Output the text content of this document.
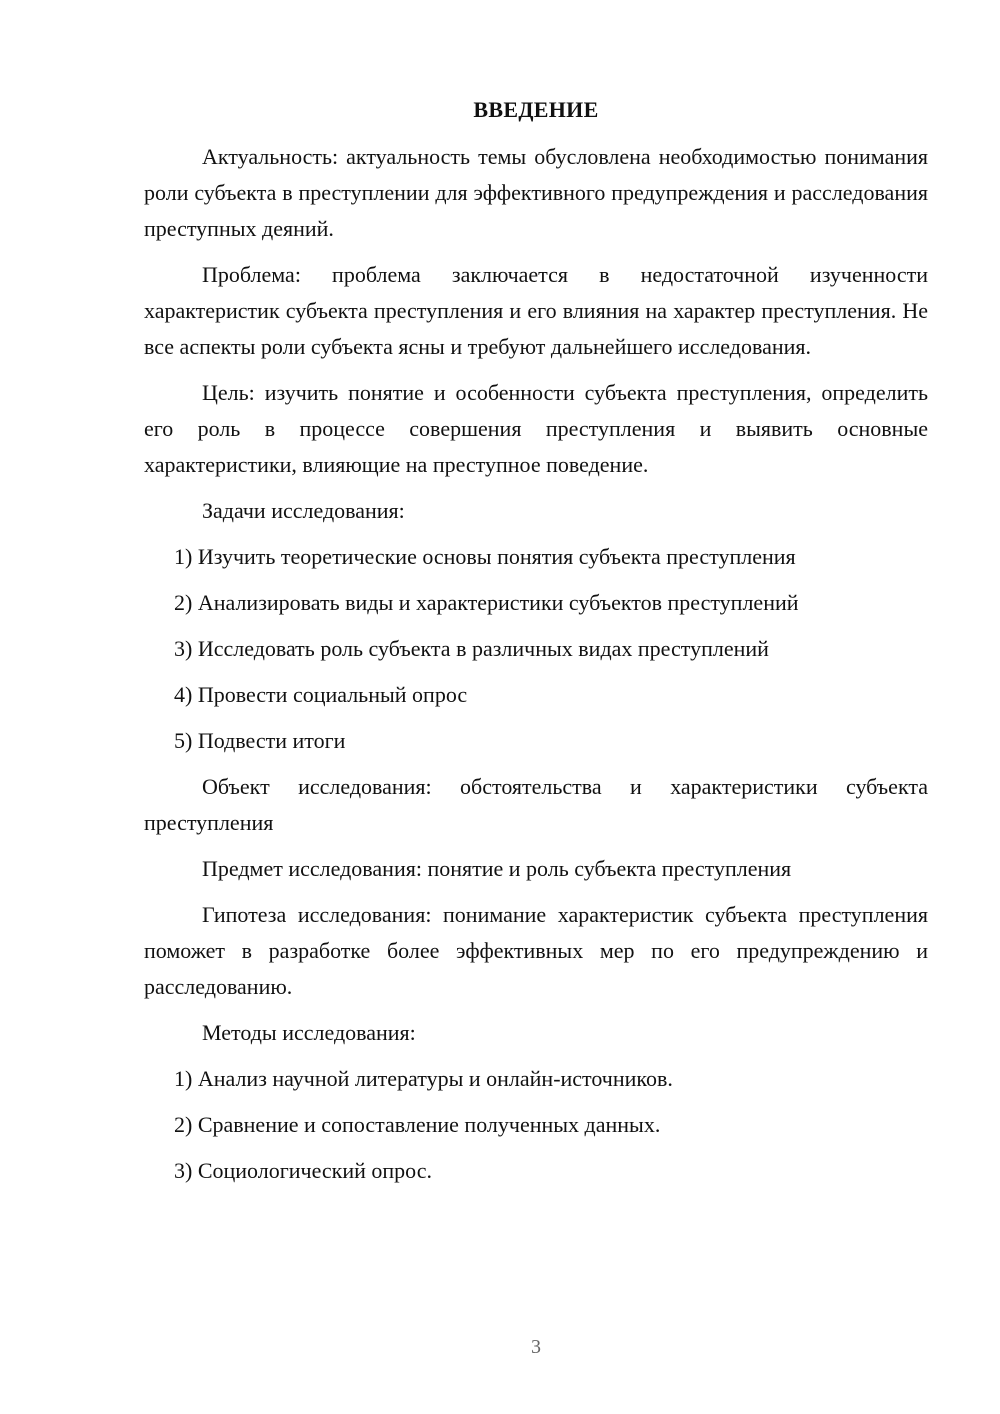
ВВЕДЕНИЕ

Актуальность: актуальность темы обусловлена необходимостью понимания роли субъекта в преступлении для эффективного предупреждения и расследования преступных деяний.

Проблема: проблема заключается в недостаточной изученности характеристик субъекта преступления и его влияния на характер преступления. Не все аспекты роли субъекта ясны и требуют дальнейшего исследования.

Цель: изучить понятие и особенности субъекта преступления, определить его роль в процессе совершения преступления и выявить основные характеристики, влияющие на преступное поведение.

Задачи исследования:

1) Изучить теоретические основы понятия субъекта преступления
2) Анализировать виды и характеристики субъектов преступлений
3) Исследовать роль субъекта в различных видах преступлений
4) Провести социальный опрос
5) Подвести итоги

Объект исследования: обстоятельства и характеристики субъекта преступления

Предмет исследования: понятие и роль субъекта преступления

Гипотеза исследования: понимание характеристик субъекта преступления поможет в разработке более эффективных мер по его предупреждению и расследованию.

Методы исследования:

1) Анализ научной литературы и онлайн-источников.
2) Сравнение и сопоставление полученных данных.
3) Социологический опрос.
3
